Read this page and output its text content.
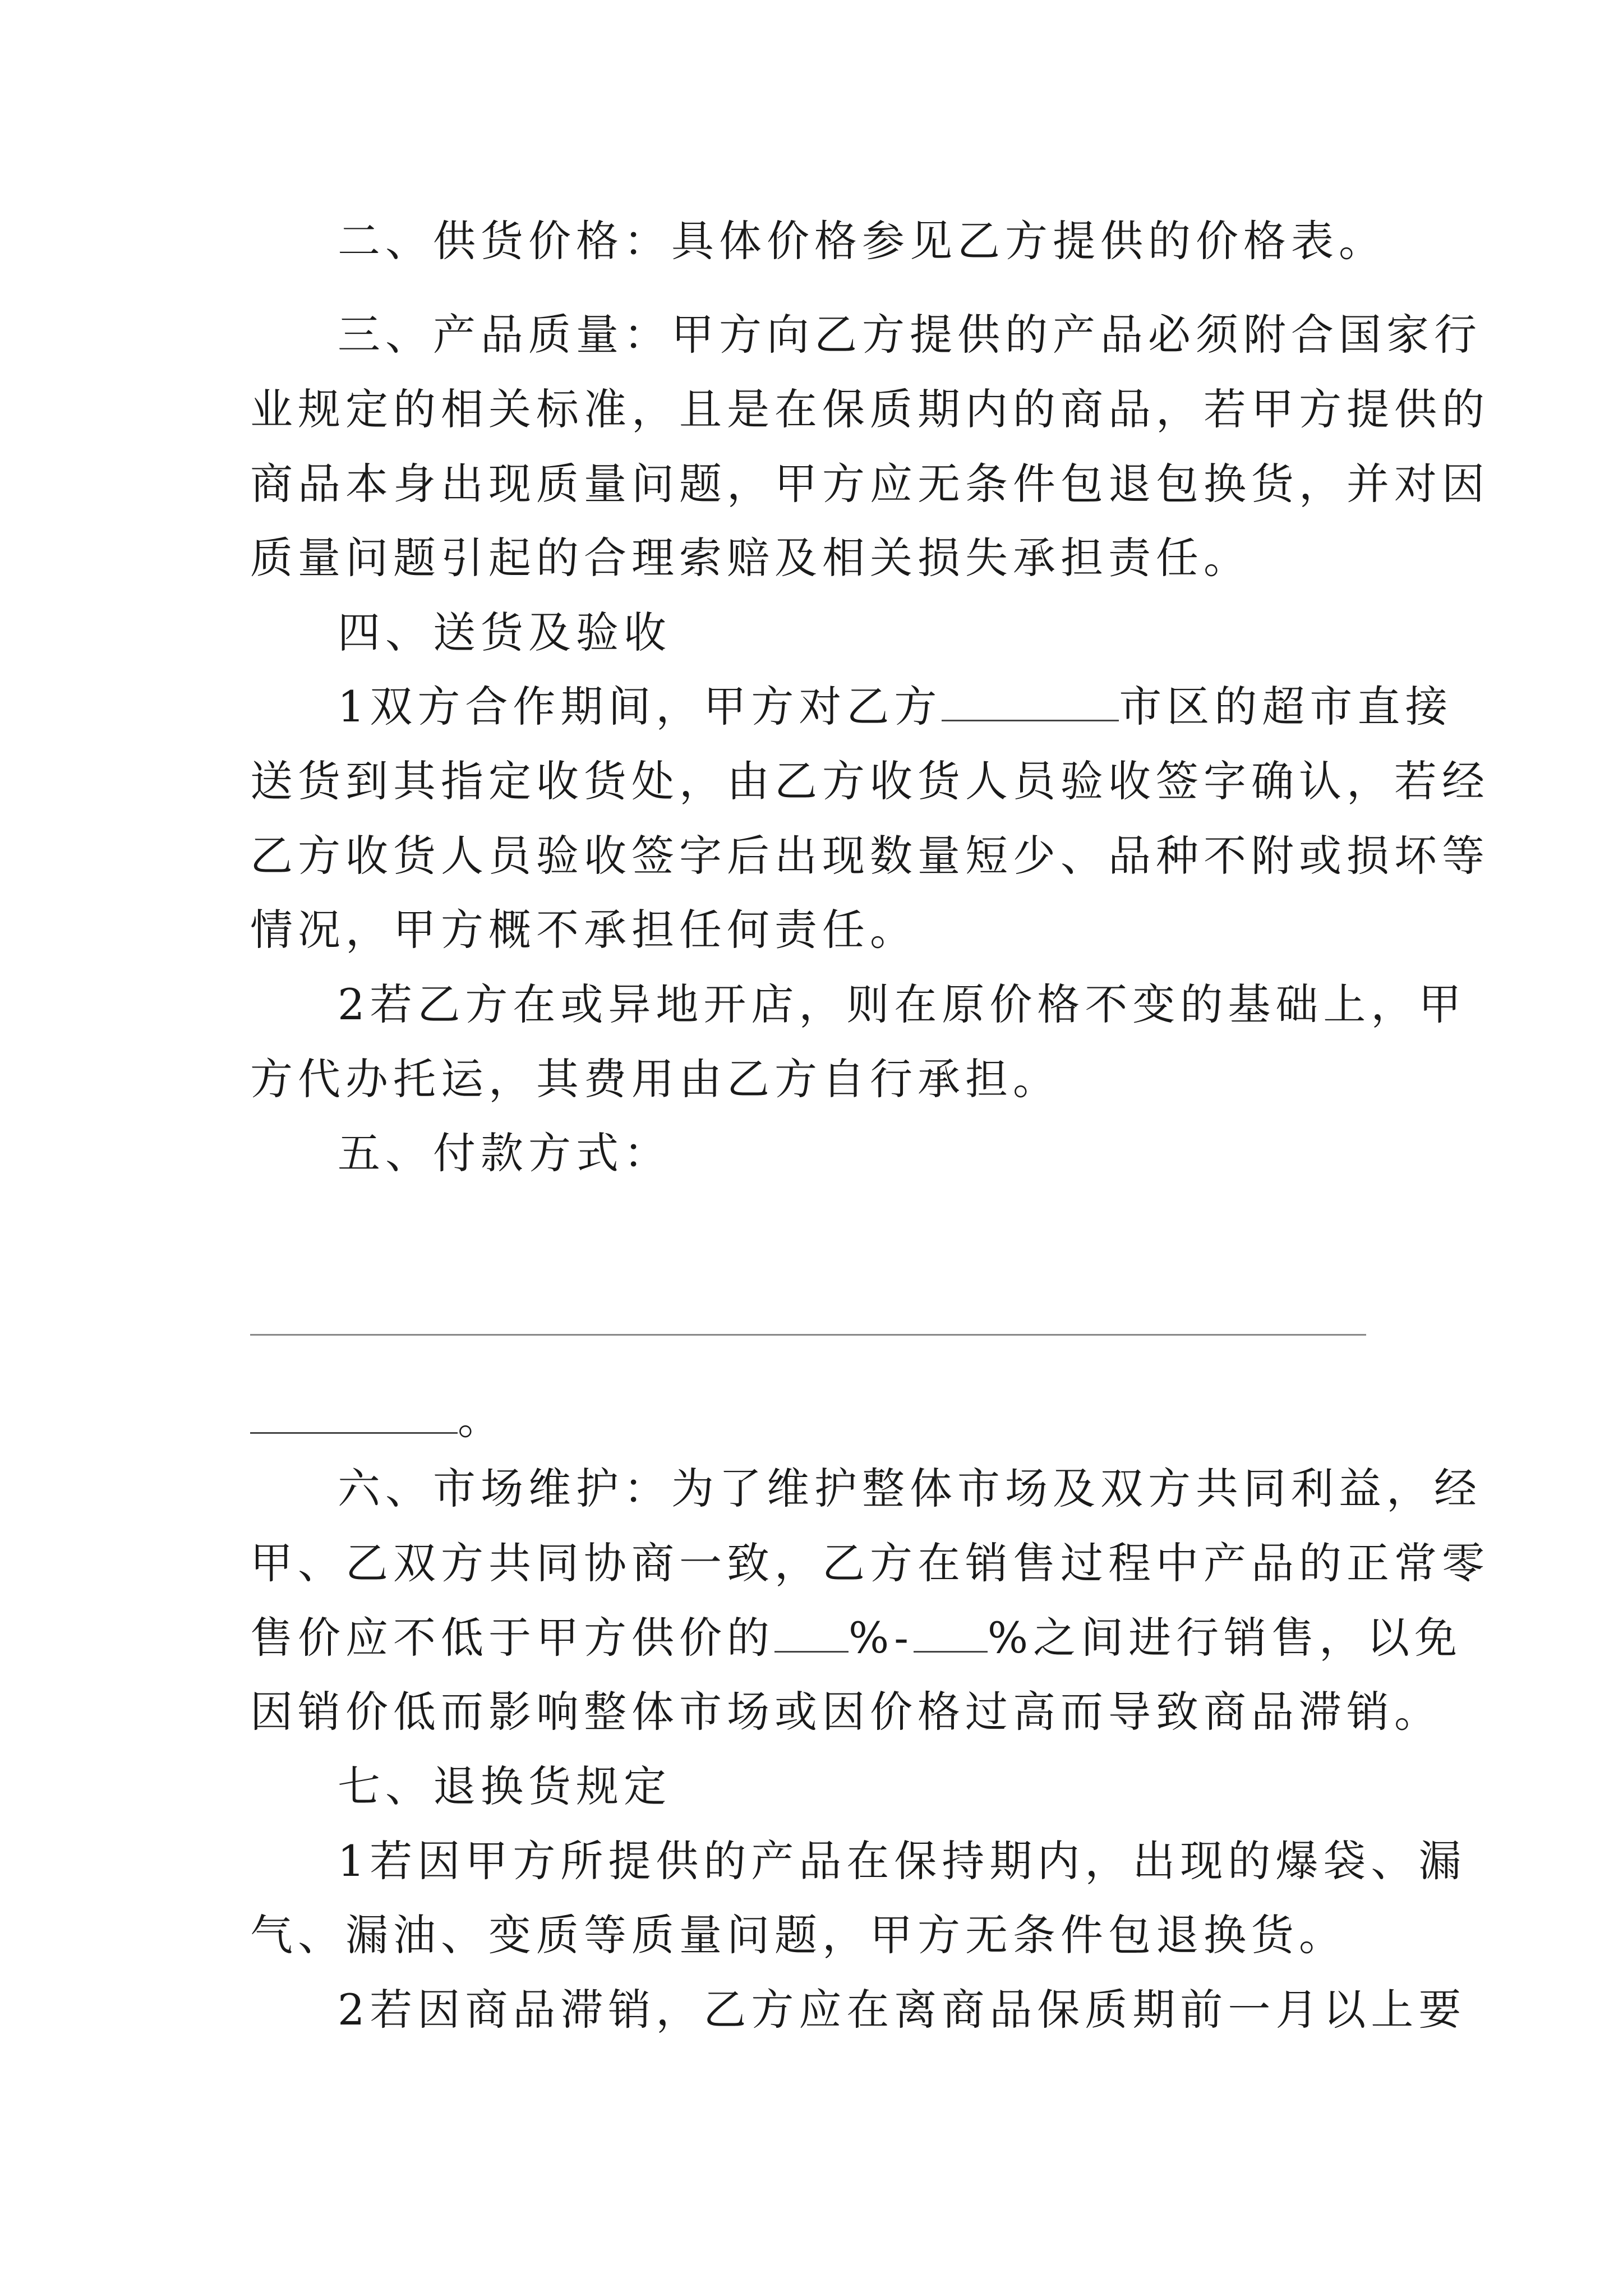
二、供货价格：具体价格参见乙方提供的价格表。
三、产品质量：甲方向乙方提供的产品必须附合国家行
业规定的相关标准，且是在保质期内的商品，若甲方提供的
商品本身出现质量问题，甲方应无条件包退包换货，并对因
质量问题引起的合理索赔及相关损失承担责任。
四、送货及验收
1双方合作期间，甲方对乙方	市区的超市直接
送货到其指定收货处，由乙方收货人员验收签字确认，若经
乙方收货人员验收签字后出现数量短少、品种不附或损坏等
情况，甲方概不承担任何责任。
2若乙方在或异地开店，则在原价格不变的基础上，甲
方代办托运，其费用由乙方自行承担。
五、付款方式：
。
六、市场维护：为了维护整体市场及双方共同利益，经
甲、乙双方共同协商一致，乙方在销售过程中产品的正常零
售价应不低于甲方供价的 %- %之间进行销售，以免
因销价低而影响整体市场或因价格过高而导致商品滞销。
七、退换货规定
1若因甲方所提供的产品在保持期内，出现的爆袋、漏
气、漏油、变质等质量问题，甲方无条件包退换货。
2若因商品滞销，乙方应在离商品保质期前一月以上要
